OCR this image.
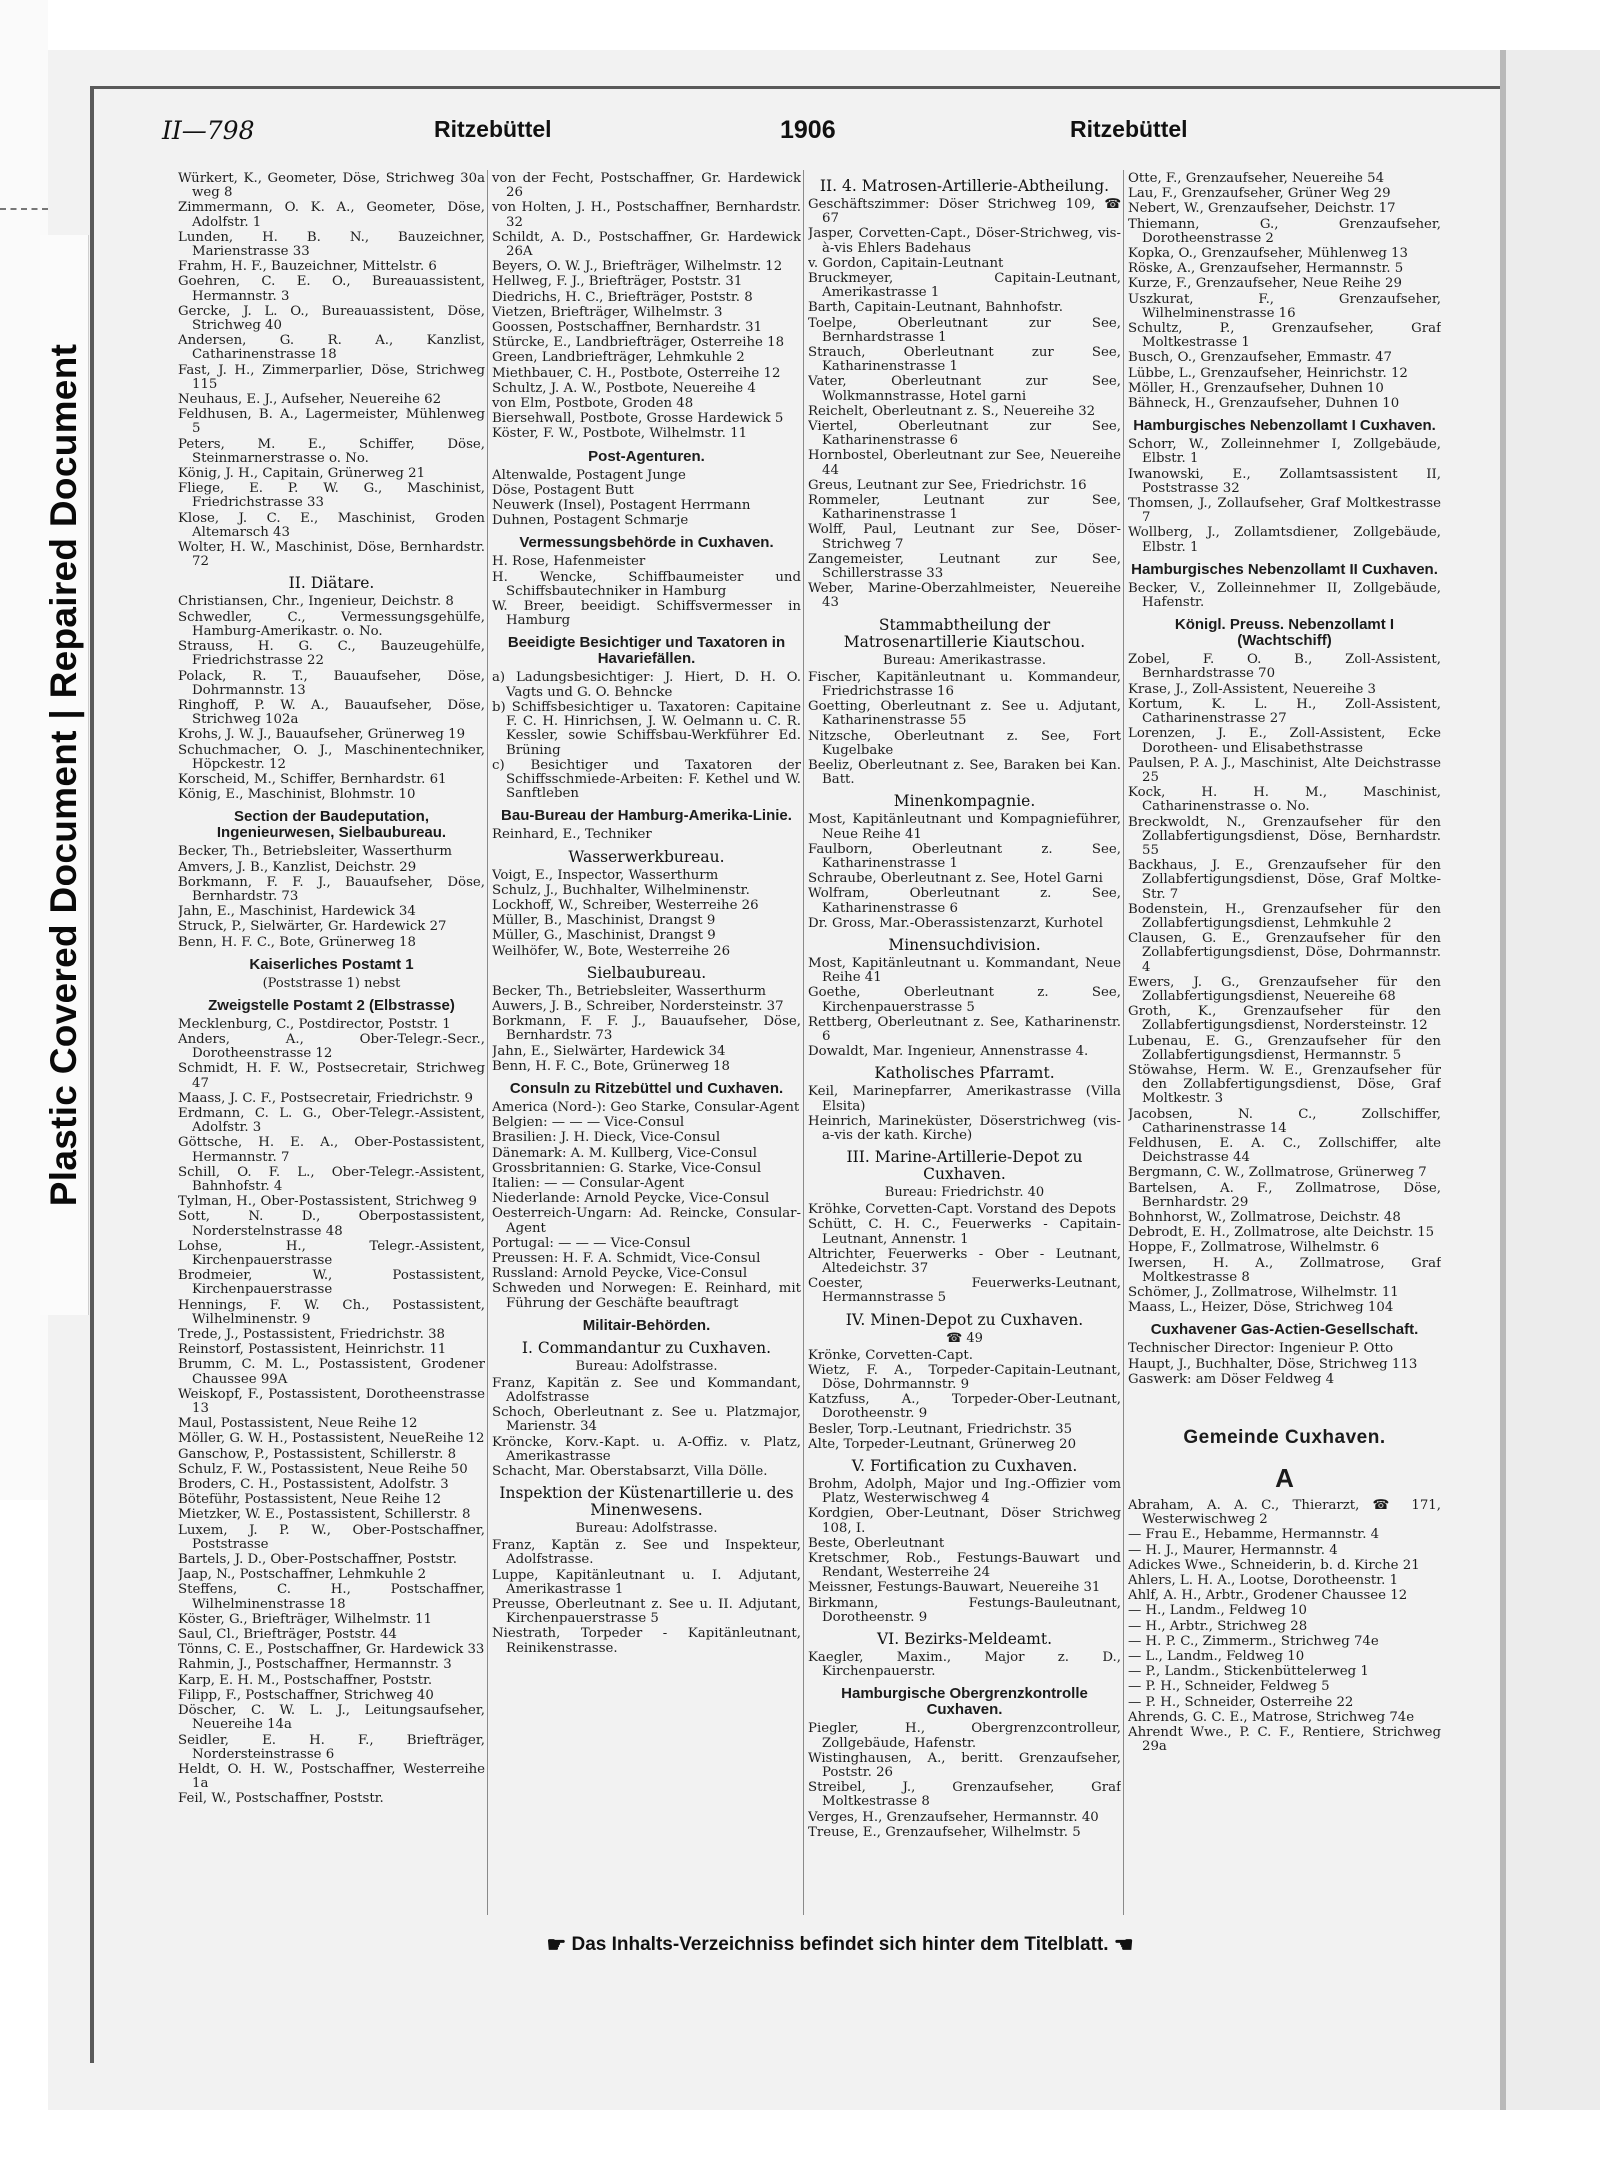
Plastic Covered Document | Repaired Document
II—798	Ritzebüttel	1906	Ritzebüttel
Würkert, K., Geometer, Döse, Strichweg 30a weg 8
Zimmermann, O. K. A., Geometer, Döse, Adolfstr. 1
Lunden, H. B. N., Bauzeichner, Marienstrasse 33
Frahm, H. F., Bauzeichner, Mittelstr. 6
Goehren, C. E. O., Bureauassistent, Hermannstr. 3
Gercke, J. L. O., Bureauassistent, Döse, Strichweg 40
Andersen, G. R. A., Kanzlist, Catharinenstrasse 18
Fast, J. H., Zimmerparlier, Döse, Strichweg 115
Neuhaus, E. J., Aufseher, Neuereihe 62
Feldhusen, B. A., Lagermeister, Mühlenweg 5
Peters, M. E., Schiffer, Döse, Steinmarnerstrasse o. No.
König, J. H., Capitain, Grünerweg 21
Fliege, E. P. W. G., Maschinist, Friedrichstrasse 33
Klose, J. C. E., Maschinist, Groden Altemarsch 43
Wolter, H. W., Maschinist, Döse, Bernhardstr. 72
II. Diätare.
Christiansen, Chr., Ingenieur, Deichstr. 8
Schwedler, C., Vermessungsgehülfe, Hamburg-Amerikastr. o. No.
Strauss, H. G. C., Bauzeugehülfe, Friedrichstrasse 22
Polack, R. T., Bauaufseher, Döse, Dohrmannstr. 13
Ringhoff, P. W. A., Bauaufseher, Döse, Strichweg 102a
Krohs, J. W. J., Bauaufseher, Grünerweg 19
Schuchmacher, O. J., Maschinentechniker, Höpckestr. 12
Korscheid, M., Schiffer, Bernhardstr. 61
König, E., Maschinist, Blohmstr. 10
Section der Baudeputation, Ingenieurwesen, Sielbaubureau.
Becker, Th., Betriebsleiter, Wasserthurm
Amvers, J. B., Kanzlist, Deichstr. 29
Borkmann, F. F. J., Bauaufseher, Döse, Bernhardstr. 73
Jahn, E., Maschinist, Hardewick 34
Struck, P., Sielwärter, Gr. Hardewick 27
Benn, H. F. C., Bote, Grünerweg 18
Kaiserliches Postamt 1
(Poststrasse 1) nebst
Zweigstelle Postamt 2 (Elbstrasse)
Mecklenburg, C., Postdirector, Poststr. 1
Anders, A., Ober-Telegr.-Secr., Dorotheenstrasse 12
Schmidt, H. F. W., Postsecretair, Strichweg 47
Maass, J. C. F., Postsecretair, Friedrichstr. 9
Erdmann, C. L. G., Ober-Telegr.-Assistent, Adolfstr. 3
Göttsche, H. E. A., Ober-Postassistent, Hermannstr. 7
Schill, O. F. L., Ober-Telegr.-Assistent, Bahnhofstr. 4
Tylman, H., Ober-Postassistent, Strichweg 9
Sott, N. D., Oberpostassistent, Norderstelnstrasse 48
Lohse, H., Telegr.-Assistent, Kirchenpauerstrasse
Brodmeier, W., Postassistent, Kirchenpauerstrasse
Hennings, F. W. Ch., Postassistent, Wilhelminenstr. 9
Trede, J., Postassistent, Friedrichstr. 38
Reinstorf, Postassistent, Heinrichstr. 11
Brumm, C. M. L., Postassistent, Grodener Chaussee 99A
Weiskopf, F., Postassistent, Dorotheenstrasse 13
Maul, Postassistent, Neue Reihe 12
Möller, G. W. H., Postassistent, NeueReihe 12
Ganschow, P., Postassistent, Schillerstr. 8
Schulz, F. W., Postassistent, Neue Reihe 50
Broders, C. H., Postassistent, Adolfstr. 3
Böteführ, Postassistent, Neue Reihe 12
Mietzker, W. E., Postassistent, Schillerstr. 8
Luxem, J. P. W., Ober-Postschaffner, Poststrasse
Bartels, J. D., Ober-Postschaffner, Poststr.
Jaap, N., Postschaffner, Lehmkuhle 2
Steffens, C. H., Postschaffner, Wilhelminenstrasse 18
Köster, G., Briefträger, Wilhelmstr. 11
Saul, Cl., Briefträger, Poststr. 44
Tönns, C. E., Postschaffner, Gr. Hardewick 33
Rahmin, J., Postschaffner, Hermannstr. 3
Karp, E. H. M., Postschaffner, Poststr.
Filipp, F., Postschaffner, Strichweg 40
Döscher, C. W. L. J., Leitungsaufseher, Neuereihe 14a
Seidler, E. H. F., Briefträger, Nordersteinstrasse 6
Heldt, O. H. W., Postschaffner, Westerreihe 1a
Feil, W., Postschaffner, Poststr.
von der Fecht, Postschaffner, Gr. Hardewick 26
von Holten, J. H., Postschaffner, Bernhardstr. 32
Schildt, A. D., Postschaffner, Gr. Hardewick 26A
Beyers, O. W. J., Briefträger, Wilhelmstr. 12
Hellweg, F. J., Briefträger, Poststr. 31
Diedrichs, H. C., Briefträger, Poststr. 8
Vietzen, Briefträger, Wilhelmstr. 3
Goossen, Postschaffner, Bernhardstr. 31
Stürcke, E., Landbriefträger, Osterreihe 18
Green, Landbriefträger, Lehmkuhle 2
Miethbauer, C. H., Postbote, Osterreihe 12
Schultz, J. A. W., Postbote, Neuereihe 4
von Elm, Postbote, Groden 48
Biersehwall, Postbote, Grosse Hardewick 5
Köster, F. W., Postbote, Wilhelmstr. 11
Post-Agenturen.
Altenwalde, Postagent Junge
Döse, Postagent Butt
Neuwerk (Insel), Postagent Herrmann
Duhnen, Postagent Schmarje
Vermessungsbehörde in Cuxhaven.
H. Rose, Hafenmeister
H. Wencke, Schiffbaumeister und Schiffsbautechniker in Hamburg
W. Breer, beeidigt. Schiffsvermesser in Hamburg
Beeidigte Besichtiger und Taxatoren in Havariefällen.
a) Ladungsbesichtiger: J. Hiert, D. H. O. Vagts und G. O. Behncke
b) Schiffsbesichtiger u. Taxatoren: Capitaine F. C. H. Hinrichsen, J. W. Oelmann u. C. R. Kessler, sowie Schiffsbau-Werkführer Ed. Brüning
c) Besichtiger und Taxatoren der Schiffsschmiede-Arbeiten: F. Kethel und W. Sanftleben
Bau-Bureau der Hamburg-Amerika-Linie.
Reinhard, E., Techniker
Wasserwerkbureau.
Voigt, E., Inspector, Wasserthurm
Schulz, J., Buchhalter, Wilhelminenstr.
Lockhoff, W., Schreiber, Westerreihe 26
Müller, B., Maschinist, Drangst 9
Müller, G., Maschinist, Drangst 9
Weilhöfer, W., Bote, Westerreihe 26
Sielbaubureau.
Becker, Th., Betriebsleiter, Wasserthurm
Auwers, J. B., Schreiber, Nordersteinstr. 37
Borkmann, F. F. J., Bauaufseher, Döse, Bernhardstr. 73
Jahn, E., Sielwärter, Hardewick 34
Benn, H. F. C., Bote, Grünerweg 18
Consuln zu Ritzebüttel und Cuxhaven.
America (Nord-): Geo Starke, Consular-Agent
Belgien: — — — Vice-Consul
Brasilien: J. H. Dieck, Vice-Consul
Dänemark: A. M. Kullberg, Vice-Consul
Grossbritannien: G. Starke, Vice-Consul
Italien: — — Consular-Agent
Niederlande: Arnold Peycke, Vice-Consul
Oesterreich-Ungarn: Ad. Reincke, Consular-Agent
Portugal: — — — Vice-Consul
Preussen: H. F. A. Schmidt, Vice-Consul
Russland: Arnold Peycke, Vice-Consul
Schweden und Norwegen: E. Reinhard, mit Führung der Geschäfte beauftragt
Militair-Behörden.
I. Commandantur zu Cuxhaven.
Bureau: Adolfstrasse.
Franz, Kapitän z. See und Kommandant, Adolfstrasse
Schoch, Oberleutnant z. See u. Platzmajor, Marienstr. 34
Kröncke, Korv.-Kapt. u. A-Offiz. v. Platz, Amerikastrasse
Schacht, Mar. Oberstabsarzt, Villa Dölle.
Inspektion der Küstenartillerie u. des Minenwesens.
Bureau: Adolfstrasse.
Franz, Kaptän z. See und Inspekteur, Adolfstrasse.
Luppe, Kapitänleutnant u. I. Adjutant, Amerikastrasse 1
Preusse, Oberleutnant z. See u. II. Adjutant, Kirchenpauerstrasse 5
Niestrath, Torpeder - Kapitänleutnant, Reinikenstrasse.
II. 4. Matrosen-Artillerie-Abtheilung.
Geschäftszimmer: Döser Strichweg 109, ☎ 67
Jasper, Corvetten-Capt., Döser-Strichweg, vis-à-vis Ehlers Badehaus
v. Gordon, Capitain-Leutnant
Bruckmeyer, Capitain-Leutnant, Amerikastrasse 1
Barth, Capitain-Leutnant, Bahnhofstr.
Toelpe, Oberleutnant zur See, Bernhardstrasse 1
Strauch, Oberleutnant zur See, Katharinenstrasse 1
Vater, Oberleutnant zur See, Wolkmannstrasse, Hotel garni
Reichelt, Oberleutnant z. S., Neuereihe 32
Viertel, Oberleutnant zur See, Katharinenstrasse 6
Hornbostel, Oberleutnant zur See, Neuereihe 44
Greus, Leutnant zur See, Friedrichstr. 16
Rommeler, Leutnant zur See, Katharinenstrasse 1
Wolff, Paul, Leutnant zur See, Döser-Strichweg 7
Zangemeister, Leutnant zur See, Schillerstrasse 33
Weber, Marine-Oberzahlmeister, Neuereihe 43
Stammabtheilung der Matrosenartillerie Kiautschou.
Bureau: Amerikastrasse.
Fischer, Kapitänleutnant u. Kommandeur, Friedrichstrasse 16
Goetting, Oberleutnant z. See u. Adjutant, Katharinenstrasse 55
Nitzsche, Oberleutnant z. See, Fort Kugelbake
Beeliz, Oberleutnant z. See, Baraken bei Kan. Batt.
Minenkompagnie.
Most, Kapitänleutnant und Kompagnieführer, Neue Reihe 41
Faulborn, Oberleutnant z. See, Katharinenstrasse 1
Schraube, Oberleutnant z. See, Hotel Garni
Wolfram, Oberleutnant z. See, Katharinenstrasse 6
Dr. Gross, Mar.-Oberassistenzarzt, Kurhotel
Minensuchdivision.
Most, Kapitänleutnant u. Kommandant, Neue Reihe 41
Goethe, Oberleutnant z. See, Kirchenpauerstrasse 5
Rettberg, Oberleutnant z. See, Katharinenstr. 6
Dowaldt, Mar. Ingenieur, Annenstrasse 4.
Katholisches Pfarramt.
Keil, Marinepfarrer, Amerikastrasse (Villa Elsita)
Heinrich, Marineküster, Döserstrichweg (vis-a-vis der kath. Kirche)
III. Marine-Artillerie-Depot zu Cuxhaven.
Bureau: Friedrichstr. 40
Kröhke, Corvetten-Capt. Vorstand des Depots
Schütt, C. H. C., Feuerwerks - Capitain-Leutnant, Annenstr. 1
Altrichter, Feuerwerks - Ober - Leutnant, Altedeichstr. 37
Coester, Feuerwerks-Leutnant, Hermannstrasse 5
IV. Minen-Depot zu Cuxhaven.
☎ 49
Krönke, Corvetten-Capt.
Wietz, F. A., Torpeder-Capitain-Leutnant, Döse, Dohrmannstr. 9
Katzfuss, A., Torpeder-Ober-Leutnant, Dorotheenstr. 9
Besler, Torp.-Leutnant, Friedrichstr. 35
Alte, Torpeder-Leutnant, Grünerweg 20
V. Fortification zu Cuxhaven.
Brohm, Adolph, Major und Ing.-Offizier vom Platz, Westerwischweg 4
Kordgien, Ober-Leutnant, Döser Strichweg 108, I.
Beste, Oberleutnant
Kretschmer, Rob., Festungs-Bauwart und Rendant, Westerreihe 24
Meissner, Festungs-Bauwart, Neuereihe 31
Birkmann, Festungs-Bauleutnant, Dorotheenstr. 9
VI. Bezirks-Meldeamt.
Kaegler, Maxim., Major z. D., Kirchenpauerstr.
Hamburgische Obergrenzkontrolle Cuxhaven.
Piegler, H., Obergrenzcontrolleur, Zollgebäude, Hafenstr.
Wistinghausen, A., beritt. Grenzaufseher, Poststr. 26
Streibel, J., Grenzaufseher, Graf Moltkestrasse 8
Verges, H., Grenzaufseher, Hermannstr. 40
Treuse, E., Grenzaufseher, Wilhelmstr. 5
Otte, F., Grenzaufseher, Neuereihe 54
Lau, F., Grenzaufseher, Grüner Weg 29
Nebert, W., Grenzaufseher, Deichstr. 17
Thiemann, G., Grenzaufseher, Dorotheenstrasse 2
Kopka, O., Grenzaufseher, Mühlenweg 13
Röske, A., Grenzaufseher, Hermannstr. 5
Kurze, F., Grenzaufseher, Neue Reihe 29
Uszkurat, F., Grenzaufseher, Wilhelminenstrasse 16
Schultz, P., Grenzaufseher, Graf Moltkestrasse 1
Busch, O., Grenzaufseher, Emmastr. 47
Lübbe, L., Grenzaufseher, Heinrichstr. 12
Möller, H., Grenzaufseher, Duhnen 10
Bähneck, H., Grenzaufseher, Duhnen 10
Hamburgisches Nebenzollamt I Cuxhaven.
Schorr, W., Zolleinnehmer I, Zollgebäude, Elbstr. 1
Iwanowski, E., Zollamtsassistent II, Poststrasse 32
Thomsen, J., Zollaufseher, Graf Moltkestrasse 7
Wollberg, J., Zollamtsdiener, Zollgebäude, Elbstr. 1
Hamburgisches Nebenzollamt II Cuxhaven.
Becker, V., Zolleinnehmer II, Zollgebäude, Hafenstr.
Königl. Preuss. Nebenzollamt I (Wachtschiff)
Zobel, F. O. B., Zoll-Assistent, Bernhardstrasse 70
Krase, J., Zoll-Assistent, Neuereihe 3
Kortum, K. L. H., Zoll-Assistent, Catharinenstrasse 27
Lorenzen, J. E., Zoll-Assistent, Ecke Dorotheen- und Elisabethstrasse
Paulsen, P. A. J., Maschinist, Alte Deichstrasse 25
Kock, H. H. M., Maschinist, Catharinenstrasse o. No.
Breckwoldt, N., Grenzaufseher für den Zollabfertigungsdienst, Döse, Bernhardstr. 55
Backhaus, J. E., Grenzaufseher für den Zollabfertigungsdienst, Döse, Graf Moltke-Str. 7
Bodenstein, H., Grenzaufseher für den Zollabfertigungsdienst, Lehmkuhle 2
Clausen, G. E., Grenzaufseher für den Zollabfertigungsdienst, Döse, Dohrmannstr. 4
Ewers, J. G., Grenzaufseher für den Zollabfertigungsdienst, Neuereihe 68
Groth, K., Grenzaufseher für den Zollabfertigungsdienst, Nordersteinstr. 12
Lubenau, E. G., Grenzaufseher für den Zollabfertigungsdienst, Hermannstr. 5
Stöwahse, Herm. W. E., Grenzaufseher für den Zollabfertigungsdienst, Döse, Graf Moltkestr. 3
Jacobsen, N. C., Zollschiffer, Catharinenstrasse 14
Feldhusen, E. A. C., Zollschiffer, alte Deichstrasse 44
Bergmann, C. W., Zollmatrose, Grünerweg 7
Bartelsen, A. F., Zollmatrose, Döse, Bernhardstr. 29
Bohnhorst, W., Zollmatrose, Deichstr. 48
Debrodt, E. H., Zollmatrose, alte Deichstr. 15
Hoppe, F., Zollmatrose, Wilhelmstr. 6
Iwersen, H. A., Zollmatrose, Graf Moltkestrasse 8
Schömer, J., Zollmatrose, Wilhelmstr. 11
Maass, L., Heizer, Döse, Strichweg 104
Cuxhavener Gas-Actien-Gesellschaft.
Technischer Director: Ingenieur P. Otto
Haupt, J., Buchhalter, Döse, Strichweg 113
Gaswerk: am Döser Feldweg 4
Gemeinde Cuxhaven.
A
Abraham, A. A. C., Thierarzt, ☎ 171, Westerwischweg 2
— Frau E., Hebamme, Hermannstr. 4
— H. J., Maurer, Hermannstr. 4
Adickes Wwe., Schneiderin, b. d. Kirche 21
Ahlers, L. H. A., Lootse, Dorotheenstr. 1
Ahlf, A. H., Arbtr., Grodener Chaussee 12
— H., Landm., Feldweg 10
— H., Arbtr., Strichweg 28
— H. P. C., Zimmerm., Strichweg 74e
— L., Landm., Feldweg 10
— P., Landm., Stickenbüttelerweg 1
— P. H., Schneider, Feldweg 5
— P. H., Schneider, Osterreihe 22
Ahrends, G. C. E., Matrose, Strichweg 74e
Ahrendt Wwe., P. C. F., Rentiere, Strichweg 29a
☛ Das Inhalts-Verzeichniss befindet sich hinter dem Titelblatt. ☚
